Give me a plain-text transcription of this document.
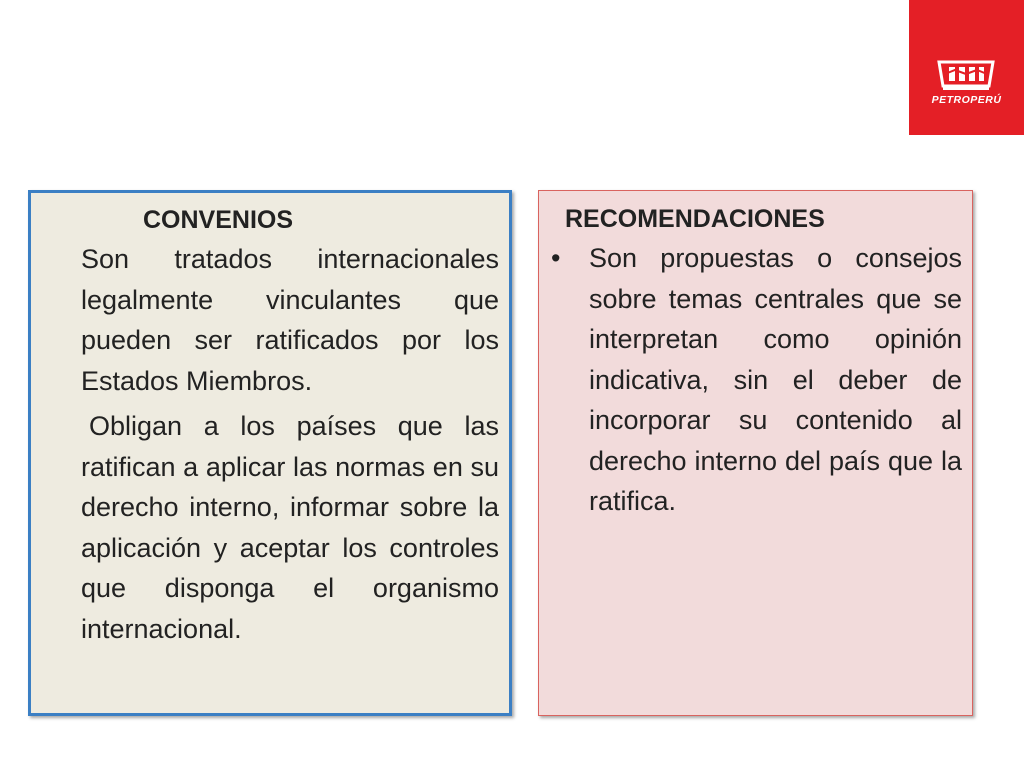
PETROPERÚ

CONVENIOS

Son tratados internacionales legalmente vinculantes que pueden ser ratificados por los Estados Miembros.

Obligan a los países que las ratifican a aplicar las normas en su derecho interno, informar sobre la aplicación y aceptar los controles que disponga el organismo internacional.

RECOMENDACIONES

•	Son propuestas o consejos sobre temas centrales que se interpretan como opinión indicativa, sin el deber de incorporar su contenido al derecho interno del país que la ratifica.
